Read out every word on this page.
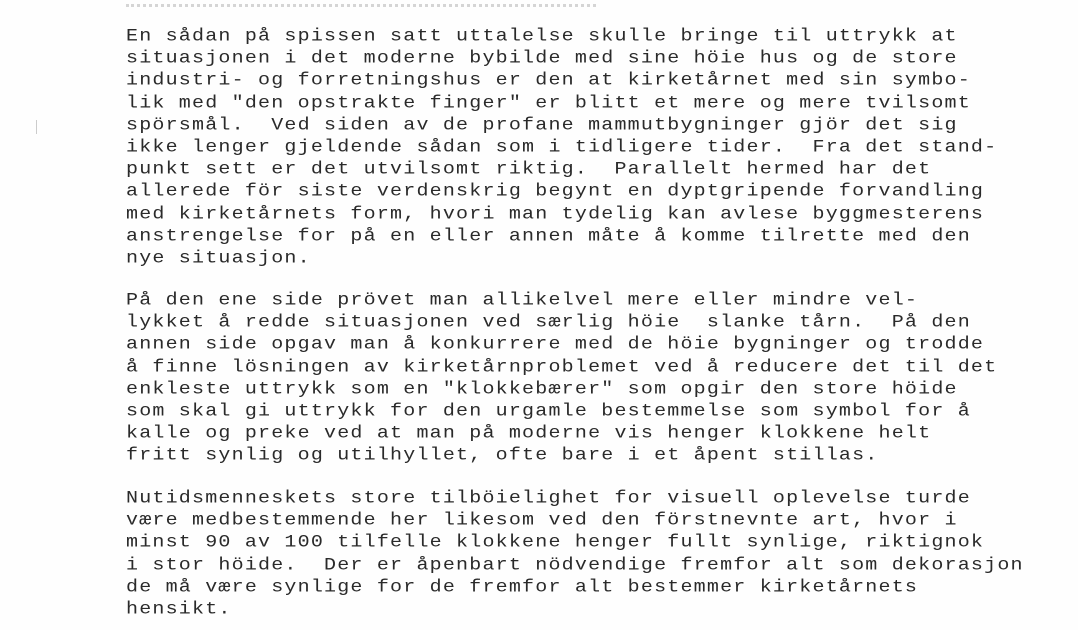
En sådan på spissen satt uttalelse skulle bringe til uttrykk at
situasjonen i det moderne bybilde med sine höie hus og de store
industri- og forretningshus er den at kirketårnet med sin symbo-
lik med "den opstrakte finger" er blitt et mere og mere tvilsomt
spörsmål.  Ved siden av de profane mammutbygninger gjör det sig
ikke lenger gjeldende sådan som i tidligere tider.  Fra det stand-
punkt sett er det utvilsomt riktig.  Parallelt hermed har det
allerede för siste verdenskrig begynt en dyptgripende forvandling
med kirketårnets form, hvori man tydelig kan avlese byggmesterens
anstrengelse for på en eller annen måte å komme tilrette med den
nye situasjon.
På den ene side prövet man allikelvel mere eller mindre vel-
lykket å redde situasjonen ved særlig höie  slanke tårn.  På den
annen side opgav man å konkurrere med de höie bygninger og trodde
å finne lösningen av kirketårnproblemet ved å reducere det til det
enkleste uttrykk som en "klokkebærer" som opgir den store höide
som skal gi uttrykk for den urgamle bestemmelse som symbol for å
kalle og preke ved at man på moderne vis henger klokkene helt
fritt synlig og utilhyllet, ofte bare i et åpent stillas.
Nutidsmenneskets store tilböielighet for visuell oplevelse turde
være medbestemmende her likesom ved den förstnevnte art, hvor i
minst 90 av 100 tilfelle klokkene henger fullt synlige, riktignok
i stor höide.  Der er åpenbart nödvendige fremfor alt som dekorasjon
de må være synlige for de fremfor alt bestemmer kirketårnets
hensikt.
